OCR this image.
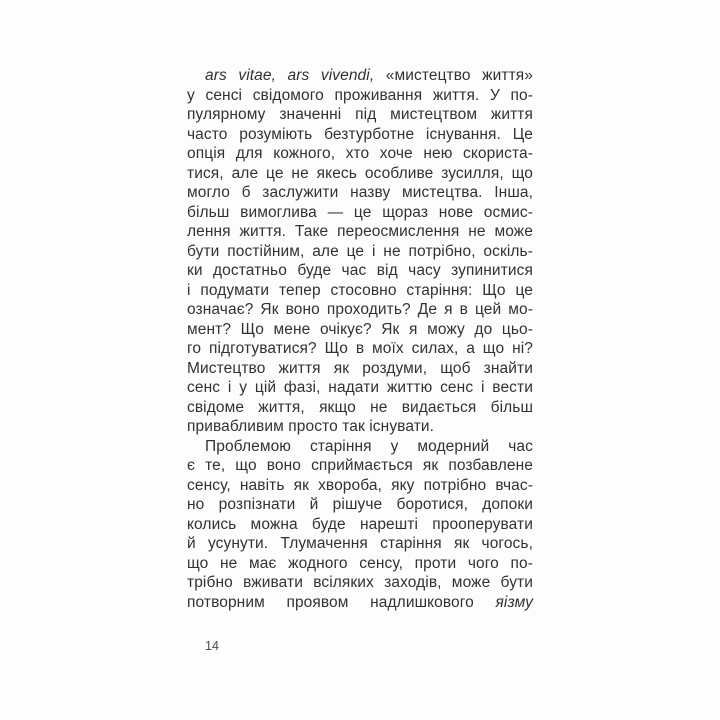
ars vitae, ars vivendi, «мистецтво життя»
у сенсі свідомого проживання життя. У по-
пулярному значенні під мистецтвом життя
часто розуміють безтурботне існування. Це
опція для кожного, хто хоче нею скориста-
тися, але це не якесь особливе зусилля, що
могло б заслужити назву мистецтва. Інша,
більш вимоглива — це щораз нове осмис-
лення життя. Таке переосмислення не може
бути постійним, але це і не потрібно, оскіль-
ки достатньо буде час від часу зупинитися
і подумати тепер стосовно старіння: Що це
означає? Як воно проходить? Де я в цей мо-
мент? Що мене очікує? Як я можу до цьо-
го підготуватися? Що в моїх силах, а що ні?
Мистецтво життя як роздуми, щоб знайти
сенс і у цій фазі, надати життю сенс і вести
свідоме життя, якщо не видається більш
привабливим просто так існувати.
Проблемою старіння у модерний час
є те, що воно сприймається як позбавлене
сенсу, навіть як хвороба, яку потрібно вчас-
но розпізнати й рішуче боротися, допоки
колись можна буде нарешті прооперувати
й усунути. Тлумачення старіння як чогось,
що не має жодного сенсу, проти чого по-
трібно вживати всіляких заходів, може бути
потворним проявом надлишкового яізму
14
